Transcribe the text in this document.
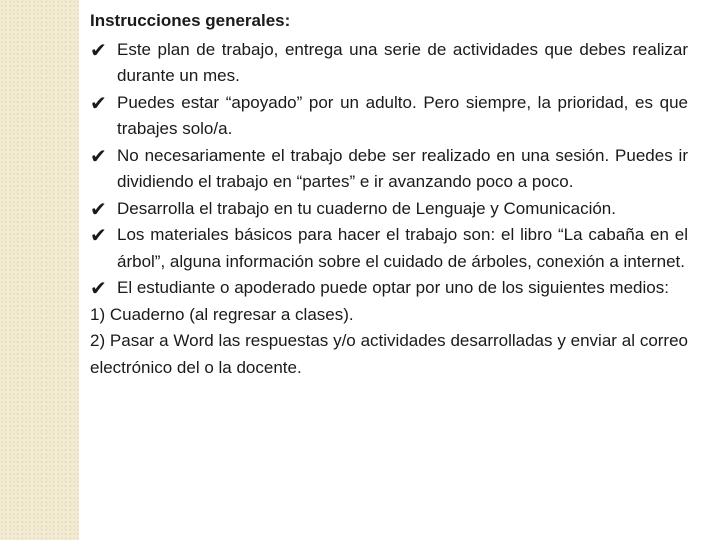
Instrucciones generales:
✔ Este plan de trabajo, entrega una serie de actividades que debes realizar durante un mes.
✔ Puedes estar “apoyado” por un adulto. Pero siempre, la prioridad, es que trabajes solo/a.
✔ No necesariamente el trabajo debe ser realizado en una sesión. Puedes ir dividiendo el trabajo en “partes” e ir avanzando poco a poco.
✔ Desarrolla el trabajo en tu cuaderno de Lenguaje y Comunicación.
✔ Los materiales básicos para hacer el trabajo son: el libro “La cabaña en el árbol”, alguna información sobre el cuidado de árboles, conexión a internet.
✔ El estudiante o apoderado puede optar por uno de los siguientes medios:
1) Cuaderno (al regresar a clases).
2) Pasar a Word las respuestas y/o actividades desarrolladas y enviar al correo electrónico del o la docente.
